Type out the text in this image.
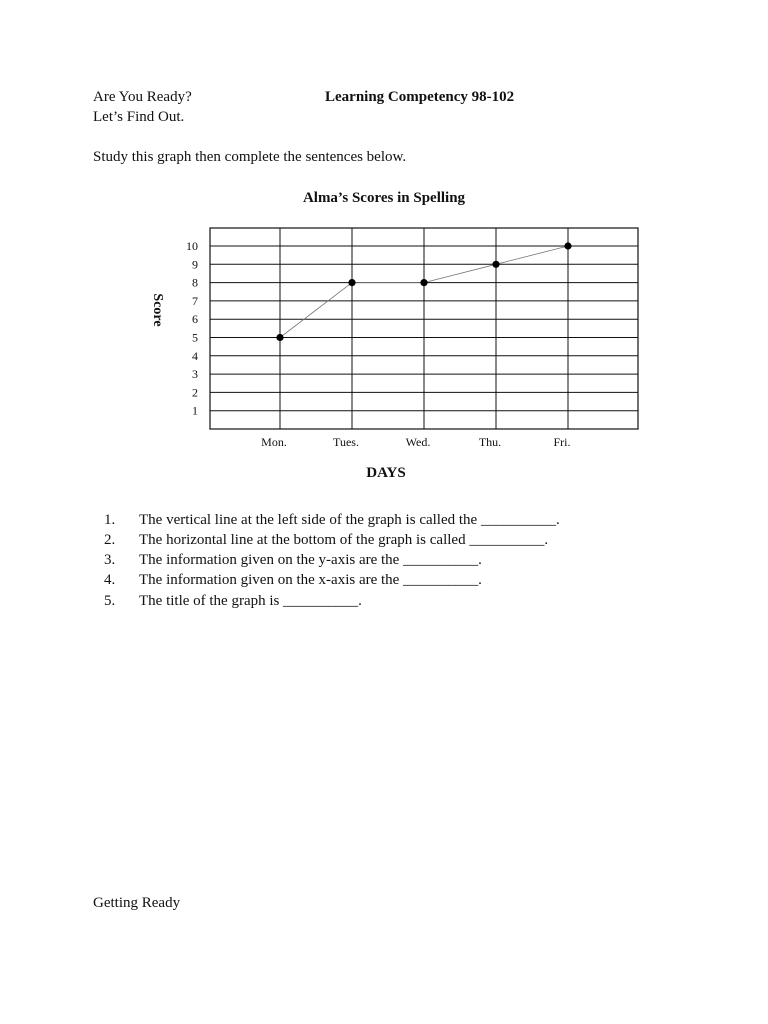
Are You Ready?

Let’s Find Out.

Learning Competency 98-102

Study this graph then complete the sentences below.

Alma’s Scores in Spelling

1
2
3
4
5
6
7
8
9
10
Mon.	Tues.	Wed.	Thu.	Fri.
Score
DAYS
1. The vertical line at the left side of the graph is called the __________.
2. The horizontal line at the bottom of the graph is called __________.
3. The information given on the y-axis are the __________.
4. The information given on the x-axis are the __________.
5. The title of the graph is __________.

Getting Ready
